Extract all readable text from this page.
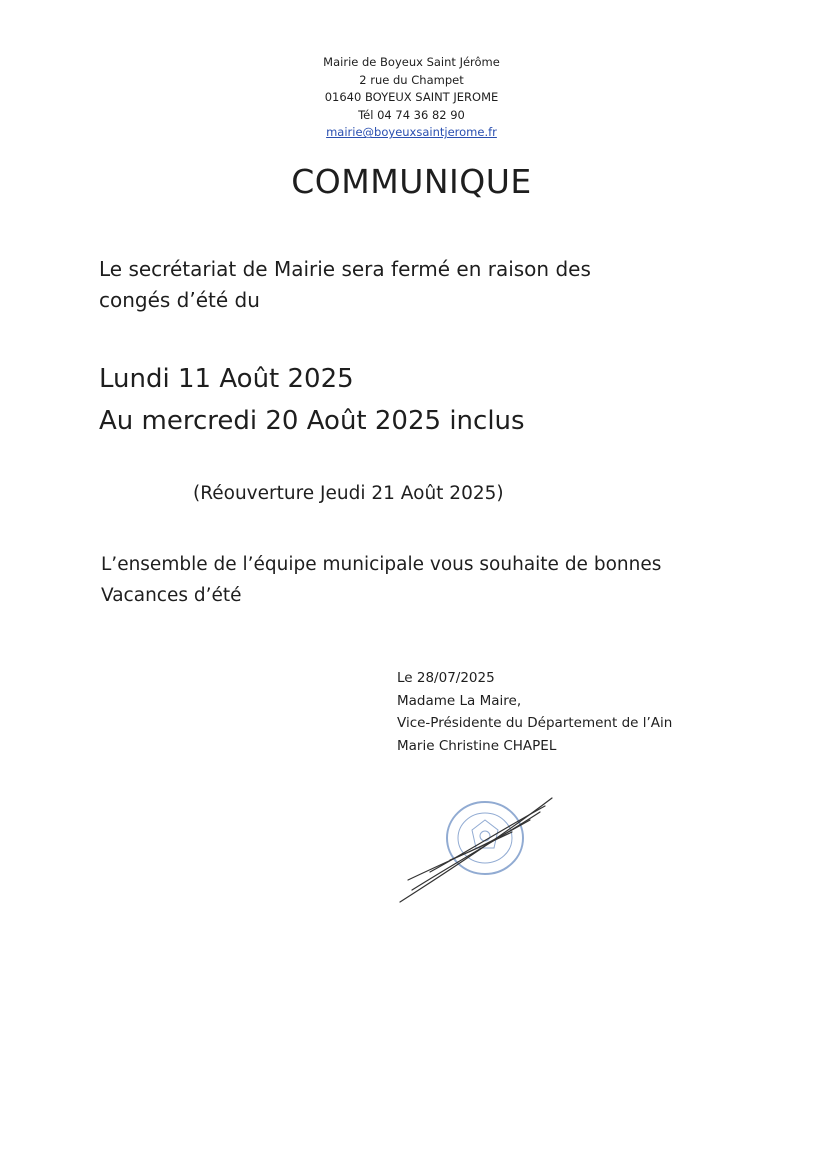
Mairie de Boyeux Saint Jérôme
2 rue du Champet
01640 BOYEUX SAINT JEROME
Tél 04 74 36 82 90
mairie@boyeuxsaintjerome.fr
COMMUNIQUE
Le secrétariat de Mairie sera fermé en raison des
congés d’été du
Lundi 11 Août 2025
Au mercredi 20 Août 2025 inclus
(Réouverture Jeudi 21 Août 2025)
L’ensemble de l’équipe municipale vous souhaite de bonnes
Vacances d’été
Le 28/07/2025
Madame La Maire,
Vice-Présidente du Département de l’Ain
Marie Christine CHAPEL
